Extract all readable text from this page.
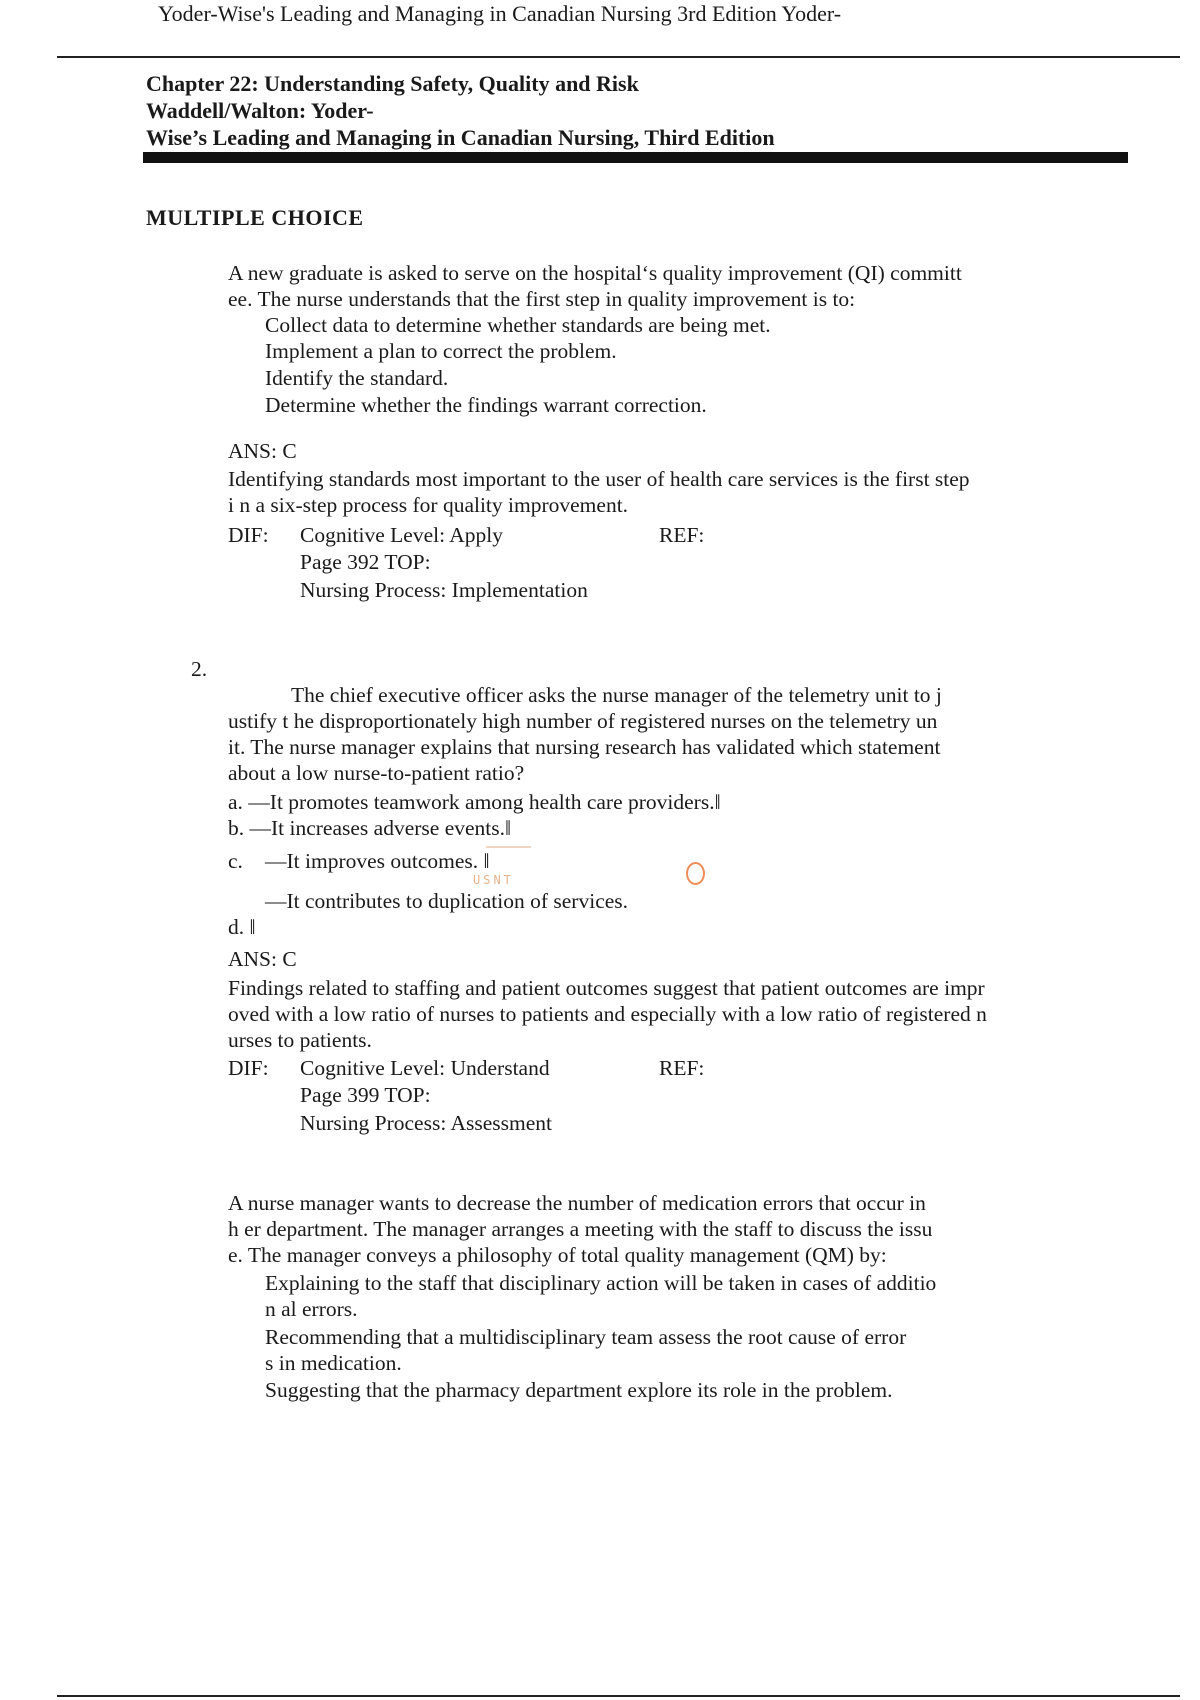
Yoder-Wise's Leading and Managing in Canadian Nursing 3rd Edition Yoder-
Chapter 22: Understanding Safety, Quality and Risk
Waddell/Walton: Yoder-
Wise’s Leading and Managing in Canadian Nursing, Third Edition
MULTIPLE CHOICE
A new graduate is asked to serve on the hospital‘s quality improvement (QI) committ
ee. The nurse understands that the first step in quality improvement is to:
Collect data to determine whether standards are being met.
Implement a plan to correct the problem.
Identify the standard.
Determine whether the findings warrant correction.
ANS: C
Identifying standards most important to the user of health care services is the first step
i n a six-step process for quality improvement.
DIF: Cognitive Level: Apply	REF:
Page 392 TOP:
Nursing Process: Implementation
2.
The chief executive officer asks the nurse manager of the telemetry unit to j
ustify t he disproportionately high number of registered nurses on the telemetry un
it. The nurse manager explains that nursing research has validated which statement
about a low nurse-to-patient ratio?
a. ―It promotes teamwork among health care providers.‖
b. ―It increases adverse events.‖
c. ―It improves outcomes. ‖
―It contributes to duplication of services.
d. ‖
USNT
ANS: C
Findings related to staffing and patient outcomes suggest that patient outcomes are impr
oved with a low ratio of nurses to patients and especially with a low ratio of registered n
urses to patients.
DIF: Cognitive Level: Understand	REF:
Page 399 TOP:
Nursing Process: Assessment
A nurse manager wants to decrease the number of medication errors that occur in
h er department. The manager arranges a meeting with the staff to discuss the issu
e. The manager conveys a philosophy of total quality management (QM) by:
Explaining to the staff that disciplinary action will be taken in cases of additio
n al errors.
Recommending that a multidisciplinary team assess the root cause of error
s in medication.
Suggesting that the pharmacy department explore its role in the problem.
